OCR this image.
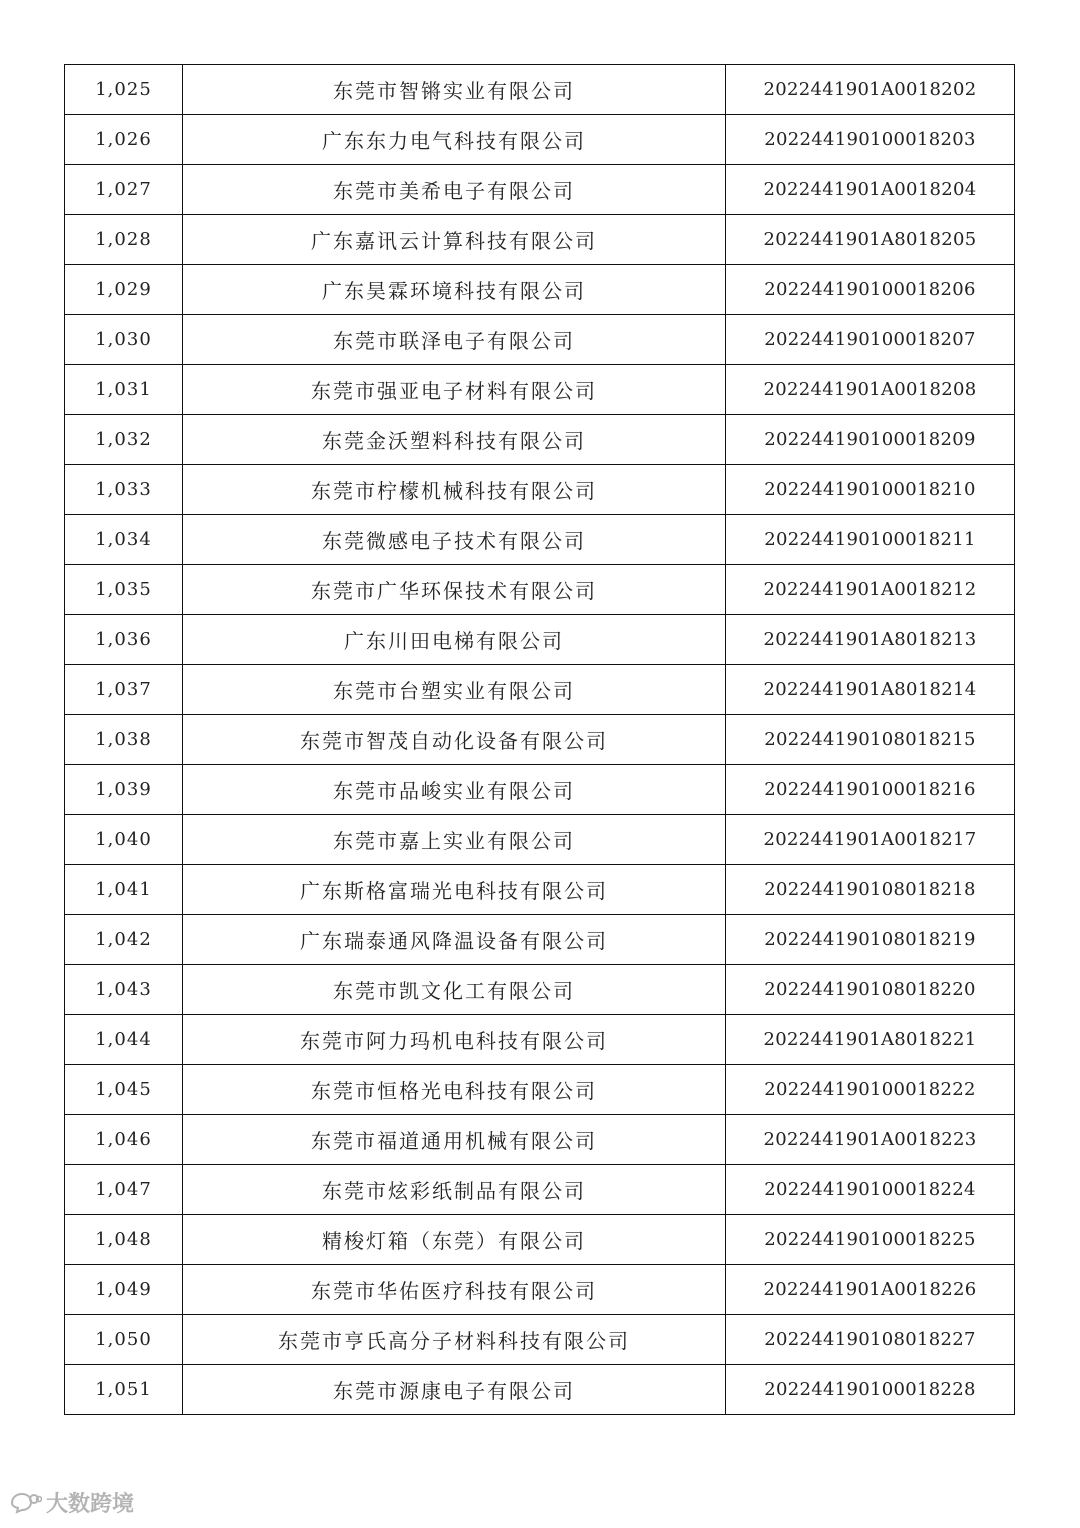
1,025	东莞市智锵实业有限公司	2022441901A0018202
1,026	广东东力电气科技有限公司	202244190100018203
1,027	东莞市美希电子有限公司	2022441901A0018204
1,028	广东嘉讯云计算科技有限公司	2022441901A8018205
1,029	广东昊霖环境科技有限公司	202244190100018206
1,030	东莞市联泽电子有限公司	202244190100018207
1,031	东莞市强亚电子材料有限公司	2022441901A0018208
1,032	东莞金沃塑料科技有限公司	202244190100018209
1,033	东莞市柠檬机械科技有限公司	202244190100018210
1,034	东莞微感电子技术有限公司	202244190100018211
1,035	东莞市广华环保技术有限公司	2022441901A0018212
1,036	广东川田电梯有限公司	2022441901A8018213
1,037	东莞市台塑实业有限公司	2022441901A8018214
1,038	东莞市智茂自动化设备有限公司	202244190108018215
1,039	东莞市品峻实业有限公司	202244190100018216
1,040	东莞市嘉上实业有限公司	2022441901A0018217
1,041	广东斯格富瑞光电科技有限公司	202244190108018218
1,042	广东瑞泰通风降温设备有限公司	202244190108018219
1,043	东莞市凯文化工有限公司	202244190108018220
1,044	东莞市阿力玛机电科技有限公司	2022441901A8018221
1,045	东莞市恒格光电科技有限公司	202244190100018222
1,046	东莞市福道通用机械有限公司	2022441901A0018223
1,047	东莞市炫彩纸制品有限公司	202244190100018224
1,048	精梭灯箱（东莞）有限公司	202244190100018225
1,049	东莞市华佑医疗科技有限公司	2022441901A0018226
1,050	东莞市亨氏高分子材料科技有限公司	202244190108018227
1,051	东莞市源康电子有限公司	202244190100018228
大数跨境
